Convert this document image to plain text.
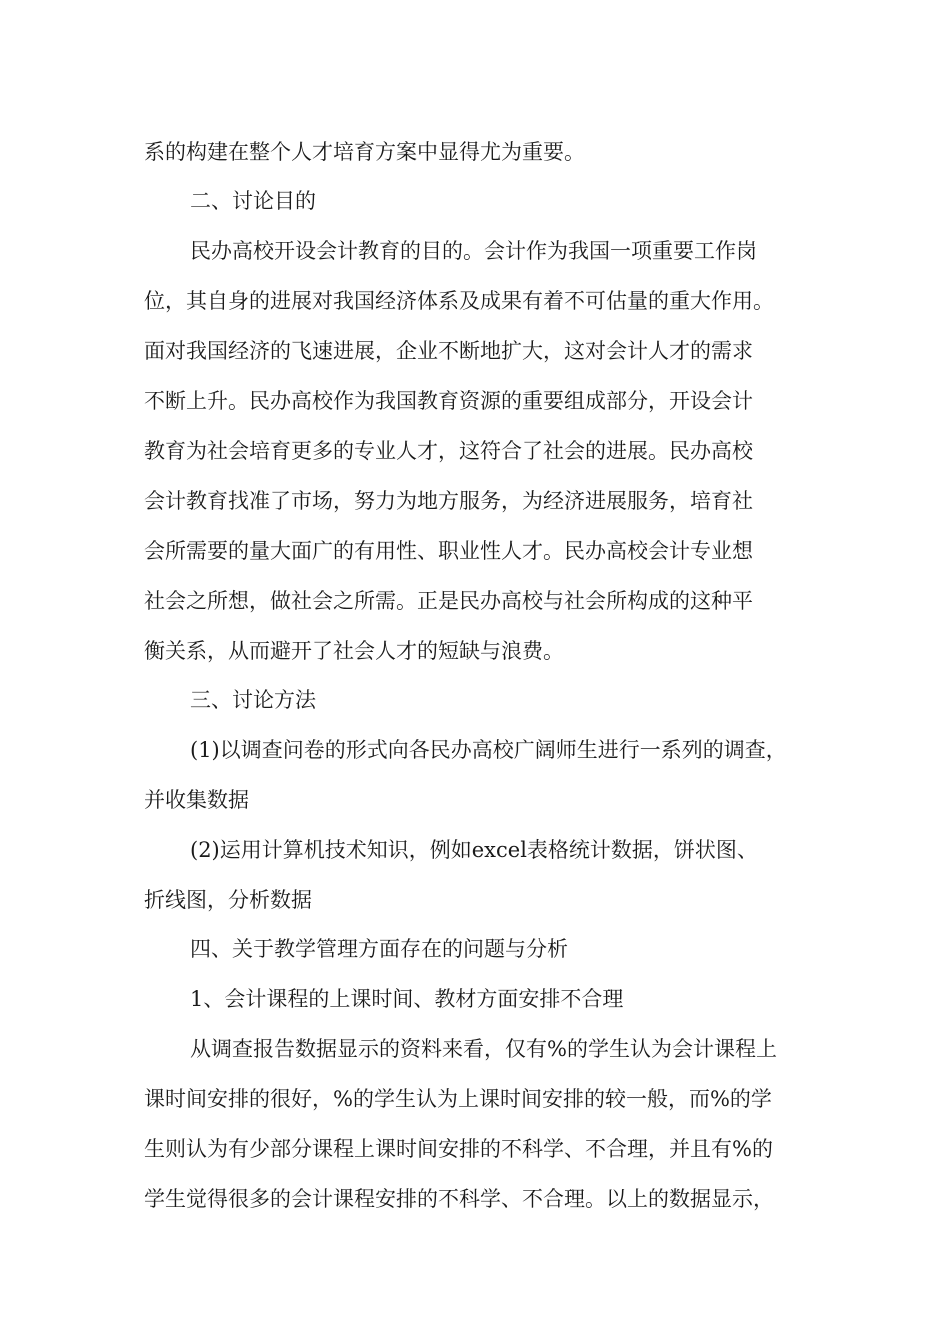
系的构建在整个人才培育方案中显得尤为重要。
二、讨论目的
民办高校开设会计教育的目的。会计作为我国一项重要工作岗
位，其自身的进展对我国经济体系及成果有着不可估量的重大作用。
面对我国经济的飞速进展，企业不断地扩大，这对会计人才的需求
不断上升。民办高校作为我国教育资源的重要组成部分，开设会计
教育为社会培育更多的专业人才，这符合了社会的进展。民办高校
会计教育找准了市场，努力为地方服务，为经济进展服务，培育社
会所需要的量大面广的有用性、职业性人才。民办高校会计专业想
社会之所想，做社会之所需。正是民办高校与社会所构成的这种平
衡关系，从而避开了社会人才的短缺与浪费。
三、讨论方法
(1)以调查问卷的形式向各民办高校广阔师生进行一系列的调查，
并收集数据
(2)运用计算机技术知识，例如excel表格统计数据，饼状图、
折线图，分析数据
四、关于教学管理方面存在的问题与分析
1、会计课程的上课时间、教材方面安排不合理
从调查报告数据显示的资料来看，仅有%的学生认为会计课程上
课时间安排的很好，%的学生认为上课时间安排的较一般，而%的学
生则认为有少部分课程上课时间安排的不科学、不合理，并且有%的
学生觉得很多的会计课程安排的不科学、不合理。以上的数据显示，
